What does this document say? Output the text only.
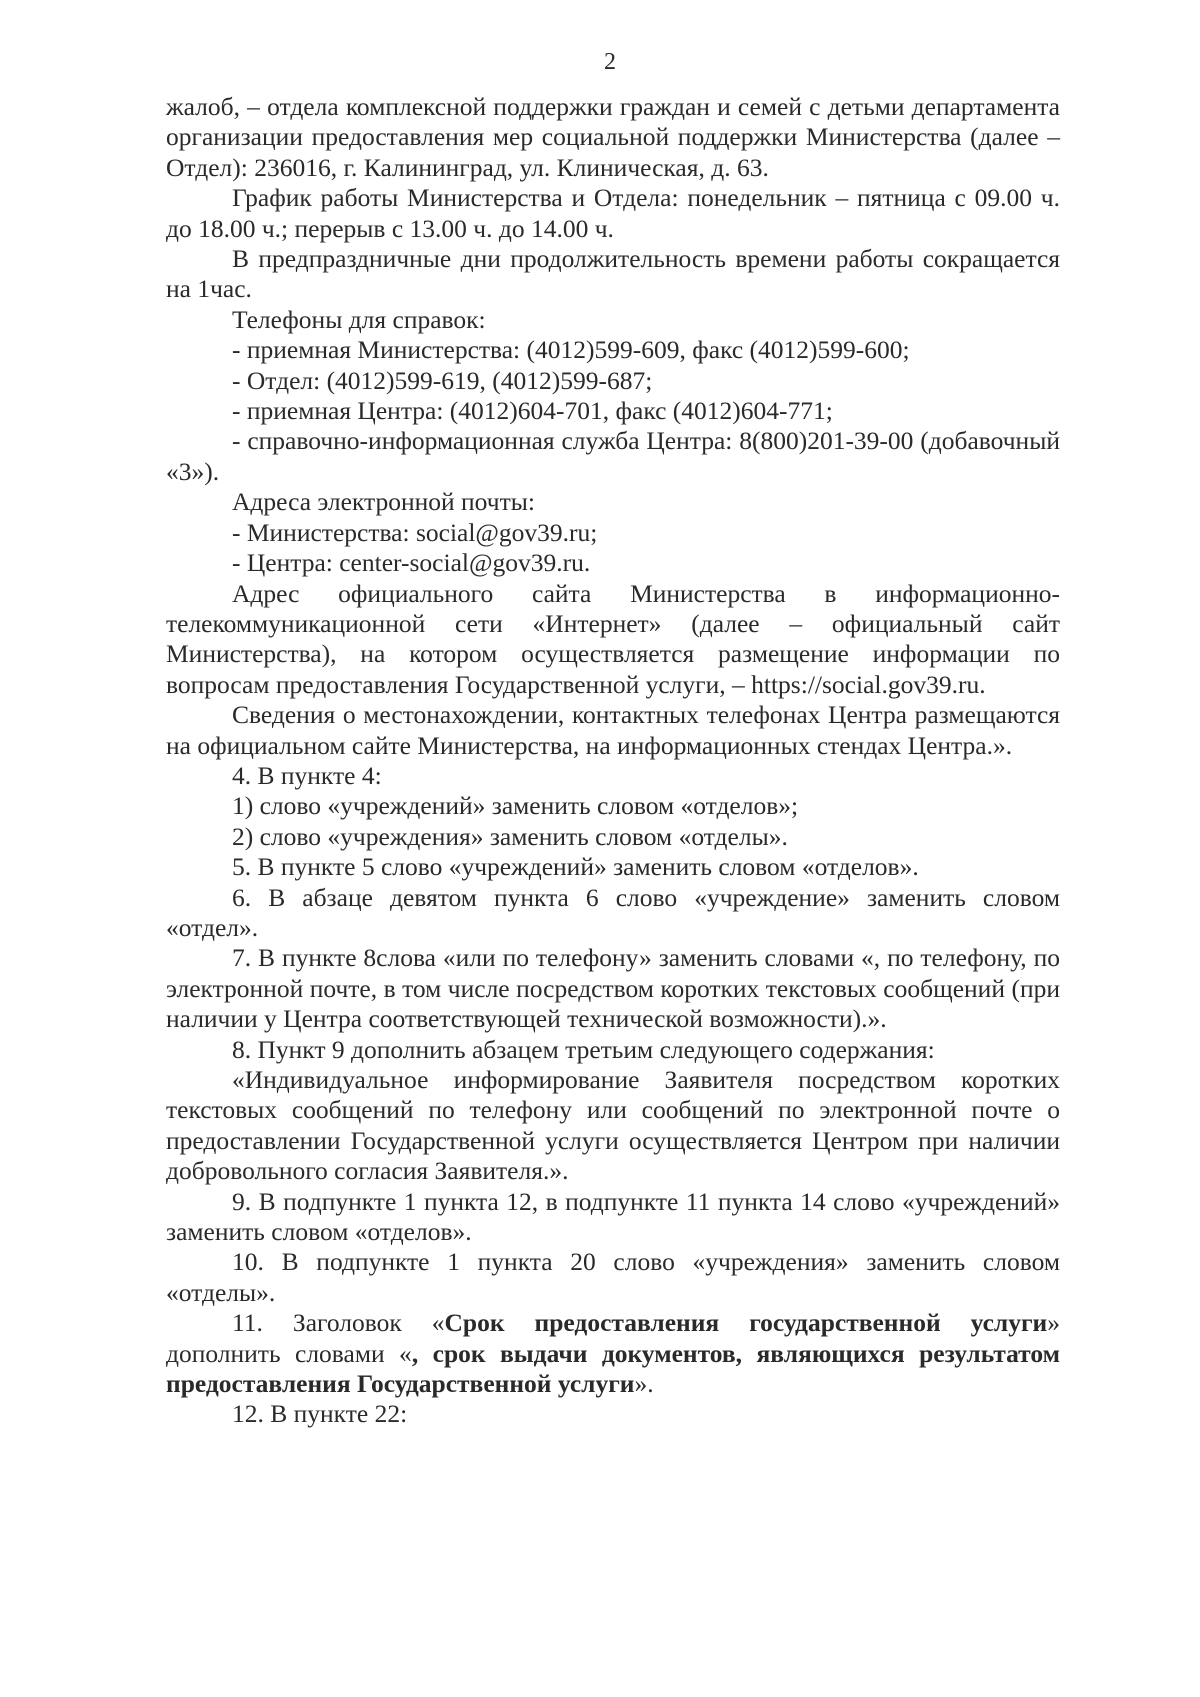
2

жалоб, – отдела комплексной поддержки граждан и семей с детьми департамента организации предоставления мер социальной поддержки Министерства (далее – Отдел): 236016, г. Калининград, ул. Клиническая, д. 63.

График работы Министерства и Отдела: понедельник – пятница с 09.00 ч. до 18.00 ч.; перерыв с 13.00 ч. до 14.00 ч.

В предпраздничные дни продолжительность времени работы сокращается на 1час.

Телефоны для справок:

- приемная Министерства: (4012)599-609, факс (4012)599-600;

- Отдел: (4012)599-619, (4012)599-687;

- приемная Центра: (4012)604-701, факс (4012)604-771;

- справочно-информационная служба Центра: 8(800)201-39-00 (добавочный «3»).

Адреса электронной почты:

- Министерства: social@gov39.ru;

- Центра: center-social@gov39.ru.

Адрес официального сайта Министерства в информационно-телекоммуникационной сети «Интернет» (далее – официальный сайт Министерства), на котором осуществляется размещение информации по вопросам предоставления Государственной услуги, – https://social.gov39.ru.

Сведения о местонахождении, контактных телефонах Центра размещаются на официальном сайте Министерства, на информационных стендах Центра.».

4. В пункте 4:

1) слово «учреждений» заменить словом «отделов»;

2) слово «учреждения» заменить словом «отделы».

5. В пункте 5 слово «учреждений» заменить словом «отделов».

6. В абзаце девятом пункта 6 слово «учреждение» заменить словом «отдел».

7. В пункте 8слова «или по телефону» заменить словами «, по телефону, по электронной почте, в том числе посредством коротких текстовых сообщений (при наличии у Центра соответствующей технической возможности).».

8. Пункт 9 дополнить абзацем третьим следующего содержания:

«Индивидуальное информирование Заявителя посредством коротких текстовых сообщений по телефону или сообщений по электронной почте о предоставлении Государственной услуги осуществляется Центром при наличии добровольного согласия Заявителя.».

9. В подпункте 1 пункта 12, в подпункте 11 пункта 14 слово «учреждений» заменить словом «отделов».

10. В подпункте 1 пункта 20 слово «учреждения» заменить словом «отделы».

11. Заголовок «Срок предоставления государственной услуги» дополнить словами «, срок выдачи документов, являющихся результатом предоставления Государственной услуги».

12. В пункте 22:
